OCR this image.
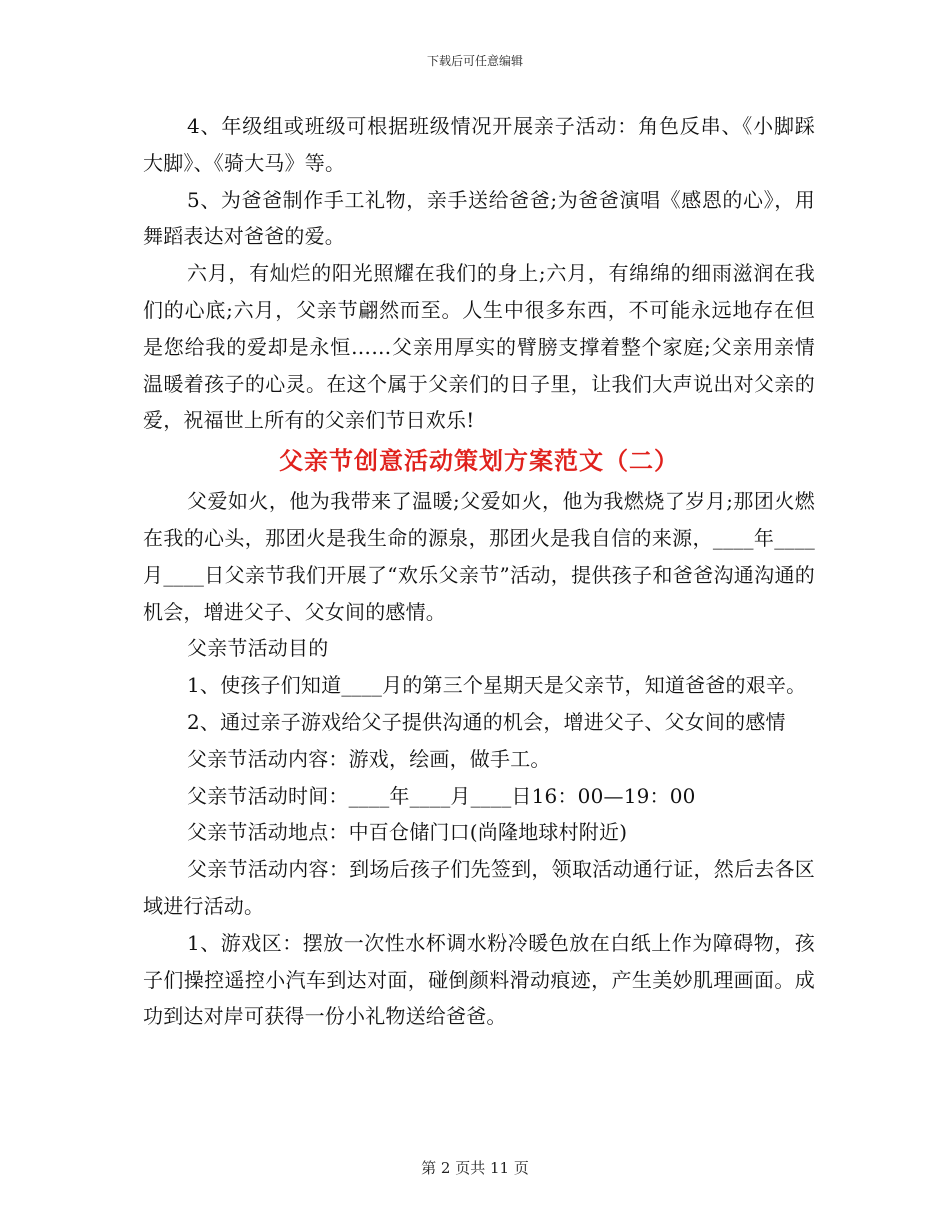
下载后可任意编辑

4、年级组或班级可根据班级情况开展亲子活动：角色反串、《小脚踩大脚》、《骑大马》等。

5、为爸爸制作手工礼物，亲手送给爸爸;为爸爸演唱《感恩的心》，用舞蹈表达对爸爸的爱。

六月，有灿烂的阳光照耀在我们的身上;六月，有绵绵的细雨滋润在我们的心底;六月，父亲节翩然而至。人生中很多东西，不可能永远地存在但是您给我的爱却是永恒……父亲用厚实的臂膀支撑着整个家庭;父亲用亲情温暖着孩子的心灵。在这个属于父亲们的日子里，让我们大声说出对父亲的爱，祝福世上所有的父亲们节日欢乐!

父亲节创意活动策划方案范文（二）

父爱如火，他为我带来了温暖;父爱如火，他为我燃烧了岁月;那团火燃在我的心头，那团火是我生命的源泉，那团火是我自信的来源，____年____月____日父亲节我们开展了“欢乐父亲节”活动，提供孩子和爸爸沟通沟通的机会，增进父子、父女间的感情。

父亲节活动目的

1、使孩子们知道____月的第三个星期天是父亲节，知道爸爸的艰辛。

2、通过亲子游戏给父子提供沟通的机会，增进父子、父女间的感情

父亲节活动内容：游戏，绘画，做手工。

父亲节活动时间：____年____月____日16：00—19：00

父亲节活动地点：中百仓储门口(尚隆地球村附近)

父亲节活动内容：到场后孩子们先签到，领取活动通行证，然后去各区域进行活动。

1、游戏区：摆放一次性水杯调水粉冷暖色放在白纸上作为障碍物，孩子们操控遥控小汽车到达对面，碰倒颜料滑动痕迹，产生美妙肌理画面。成功到达对岸可获得一份小礼物送给爸爸。

第 2 页共 11 页
